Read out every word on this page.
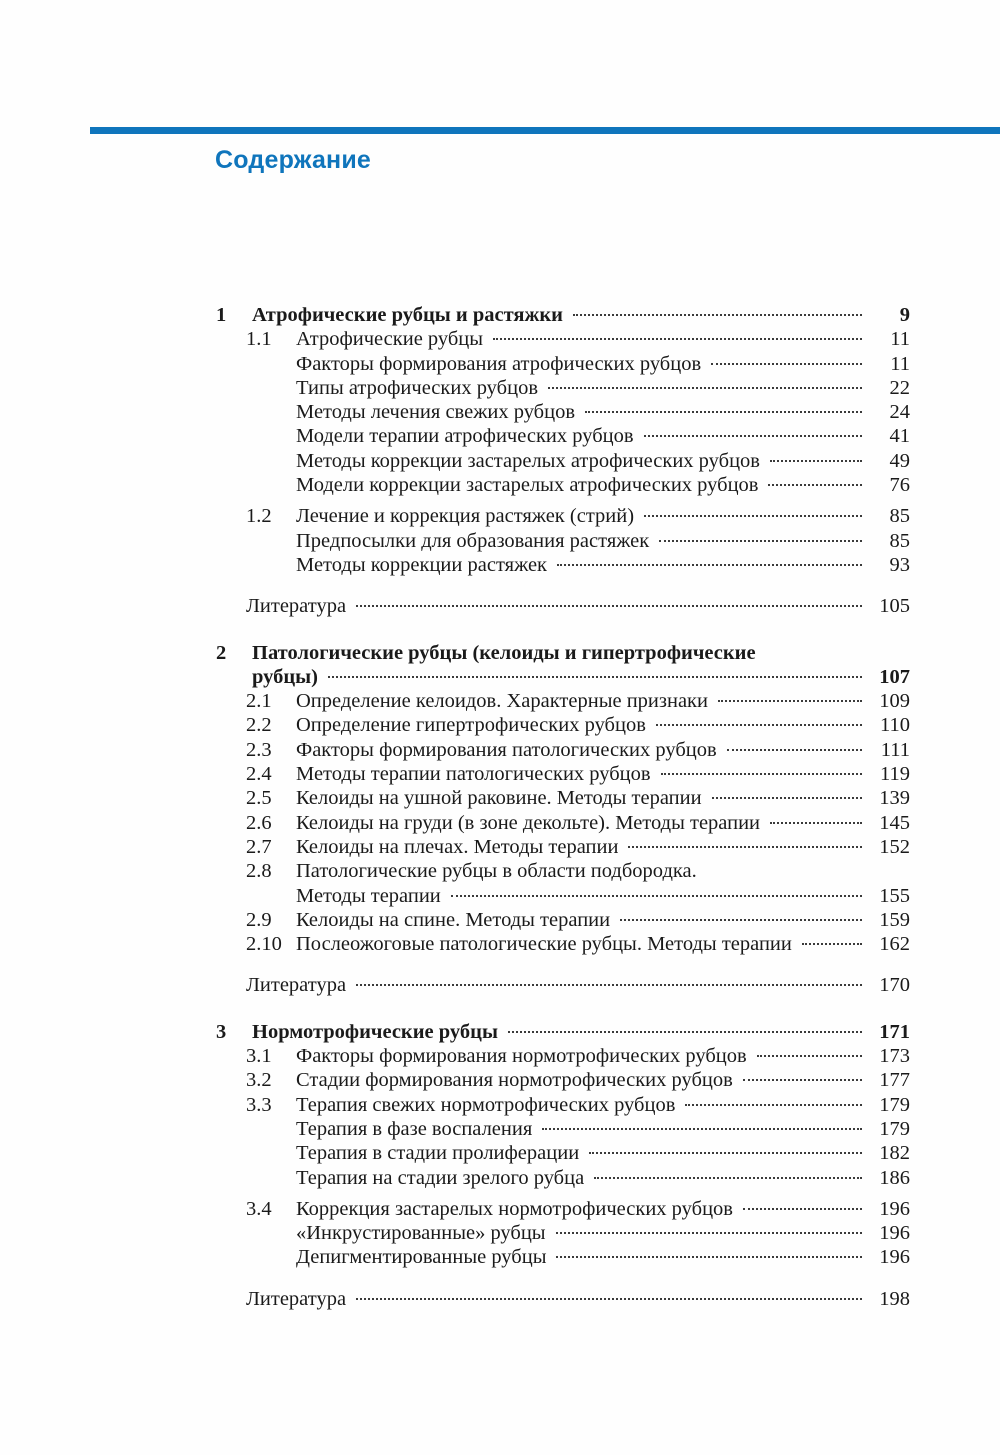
Содержание
1	Атрофические рубцы и растяжки	9
1.1	Атрофические рубцы	11
Факторы формирования атрофических рубцов	11
Типы атрофических рубцов	22
Методы лечения свежих рубцов	24
Модели терапии атрофических рубцов	41
Методы коррекции застарелых атрофических рубцов	49
Модели коррекции застарелых атрофических рубцов	76
1.2	Лечение и коррекция растяжек (стрий)	85
Предпосылки для образования растяжек	85
Методы коррекции растяжек	93
Литература	105
2	Патологические рубцы (келоиды и гипертрофические
рубцы)	107
2.1	Определение келоидов. Характерные признаки	109
2.2	Определение гипертрофических рубцов	110
2.3	Факторы формирования патологических рубцов	111
2.4	Методы терапии патологических рубцов	119
2.5	Келоиды на ушной раковине. Методы терапии	139
2.6	Келоиды на груди (в зоне декольте). Методы терапии	145
2.7	Келоиды на плечах. Методы терапии	152
2.8	Патологические рубцы в области подбородка.
Методы терапии	155
2.9	Келоиды на спине. Методы терапии	159
2.10 Послеожоговые патологические рубцы. Методы терапии	162
Литература	170
3	Нормотрофические рубцы	171
3.1	Факторы формирования нормотрофических рубцов	173
3.2	Стадии формирования нормотрофических рубцов	177
3.3	Терапия свежих нормотрофических рубцов	179
Терапия в фазе воспаления	179
Терапия в стадии пролиферации	182
Терапия на стадии зрелого рубца	186
3.4	Коррекция застарелых нормотрофических рубцов	196
«Инкрустированные» рубцы	196
Депигментированные рубцы	196
Литература	198
